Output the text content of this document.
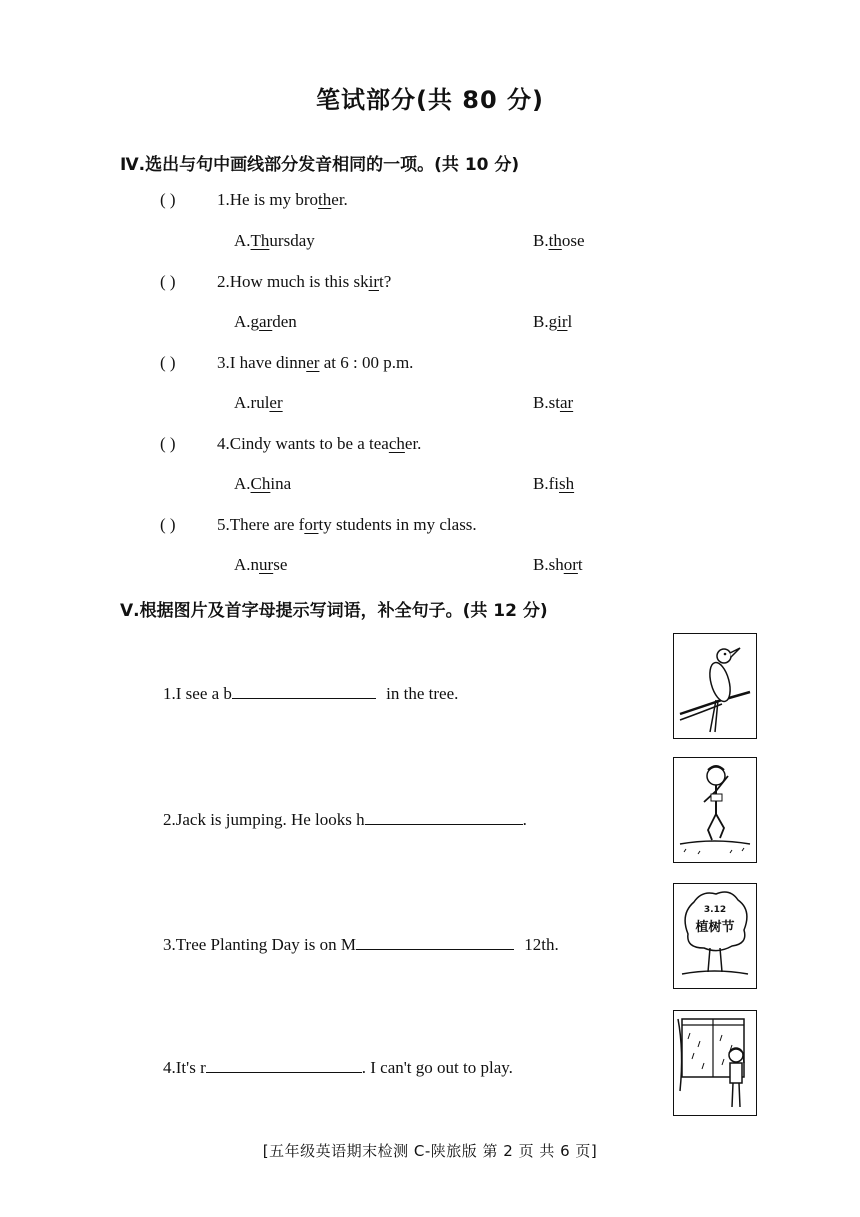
笔试部分(共 80 分)
Ⅳ.选出与句中画线部分发音相同的一项。(共 10 分)
( ) 1.He is my brother.
A.Thursday	B.those
( ) 2.How much is this skirt?
A.garden	B.girl
( ) 3.I have dinner at 6 : 00 p.m.
A.ruler	B.star
( ) 4.Cindy wants to be a teacher.
A.China	B.fish
( ) 5.There are forty students in my class.
A.nurse	B.short
Ⅴ.根据图片及首字母提示写词语，补全句子。(共 12 分)
1.I see a b	in the tree.
2.Jack is jumping. He looks h	.
3.Tree Planting Day is on M	12th.
4.It's r	. I can't go out to play.
3.12
植树节
[五年级英语期末检测 C-陕旅版 第 2 页 共 6 页]
